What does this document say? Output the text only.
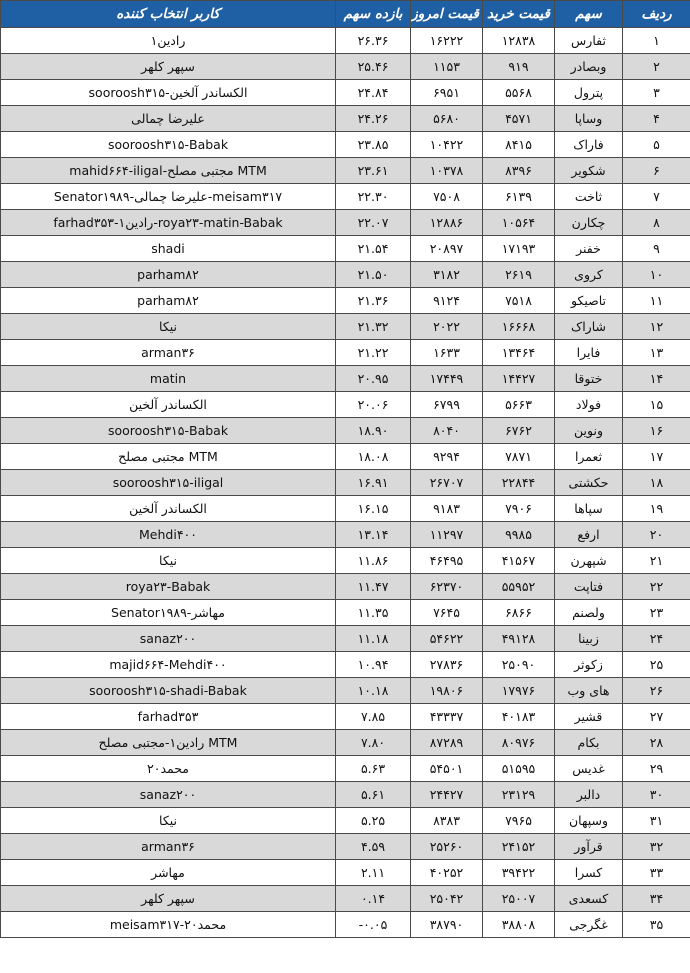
ردیف	سهم	قیمت خرید	قیمت امروز	بازده سهم	کاربر انتخاب کننده
۱	ثفارس	۱۲۸۳۸	۱۶۲۲۲	۲۶.۳۶	رادین۱
۲	وبصادر	۹۱۹	۱۱۵۳	۲۵.۴۶	سپهر کلهر
۳	پترول	۵۵۶۸	۶۹۵۱	۲۴.۸۴	sooroosh۳۱۵-الکساندر آلخین
۴	وساپا	۴۵۷۱	۵۶۸۰	۲۴.۲۶	علیرضا چمالی
۵	فاراک	۸۴۱۵	۱۰۴۲۲	۲۳.۸۵	sooroosh۳۱۵-Babak
۶	شکویر	۸۳۹۶	۱۰۳۷۸	۲۳.۶۱	mahid۶۶۴-iligal-مجتبی مصلح MTM
۷	ثاخت	۶۱۳۹	۷۵۰۸	۲۲.۳۰	Senator۱۹۸۹-علیرضا چمالی-meisam۳۱۷
۸	چکارن	۱۰۵۶۴	۱۲۸۸۶	۲۲.۰۷	farhad۳۵۳-رادین۱-roya۲۳-matin-Babak
۹	خفنر	۱۷۱۹۳	۲۰۸۹۷	۲۱.۵۴	shadi
۱۰	کروی	۲۶۱۹	۳۱۸۲	۲۱.۵۰	parham۸۲
۱۱	تاصیکو	۷۵۱۸	۹۱۲۴	۲۱.۳۶	parham۸۲
۱۲	شاراک	۱۶۶۶۸	۲۰۲۲	۲۱.۳۲	نیکا
۱۳	فایرا	۱۳۴۶۴	۱۶۳۳	۲۱.۲۲	arman۳۶
۱۴	ختوقا	۱۴۴۲۷	۱۷۴۴۹	۲۰.۹۵	matin
۱۵	فولاد	۵۶۶۳	۶۷۹۹	۲۰.۰۶	الکساندر آلخین
۱۶	ونوین	۶۷۶۲	۸۰۴۰	۱۸.۹۰	sooroosh۳۱۵-Babak
۱۷	ثعمرا	۷۸۷۱	۹۲۹۴	۱۸.۰۸	مجتبی مصلح MTM
۱۸	حکشتی	۲۲۸۴۴	۲۶۷۰۷	۱۶.۹۱	sooroosh۳۱۵-iligal
۱۹	سپاها	۷۹۰۶	۹۱۸۳	۱۶.۱۵	الکساندر آلخین
۲۰	ارفع	۹۹۸۵	۱۱۲۹۷	۱۳.۱۴	Mehdi۴۰۰
۲۱	شپهرن	۴۱۵۶۷	۴۶۴۹۵	۱۱.۸۶	نیکا
۲۲	فتاپت	۵۵۹۵۲	۶۲۳۷۰	۱۱.۴۷	roya۲۳-Babak
۲۳	ولصنم	۶۸۶۶	۷۶۴۵	۱۱.۳۵	Senator۱۹۸۹-مهاشر
۲۴	زبینا	۴۹۱۲۸	۵۴۶۲۲	۱۱.۱۸	sanaz۲۰۰
۲۵	زکوثر	۲۵۰۹۰	۲۷۸۳۶	۱۰.۹۴	majid۶۶۴-Mehdi۴۰۰
۲۶	های وب	۱۷۹۷۶	۱۹۸۰۶	۱۰.۱۸	sooroosh۳۱۵-shadi-Babak
۲۷	قشیر	۴۰۱۸۳	۴۳۳۳۷	۷.۸۵	farhad۳۵۳
۲۸	بکام	۸۰۹۷۶	۸۷۲۸۹	۷.۸۰	رادین۱-مجتبی مصلح MTM
۲۹	غدیس	۵۱۵۹۵	۵۴۵۰۱	۵.۶۳	محمد۲۰
۳۰	دالبر	۲۳۱۲۹	۲۴۴۲۷	۵.۶۱	sanaz۲۰۰
۳۱	وسپهان	۷۹۶۵	۸۳۸۳	۵.۲۵	نیکا
۳۲	قرآور	۲۴۱۵۲	۲۵۲۶۰	۴.۵۹	arman۳۶
۳۳	کسرا	۳۹۴۲۲	۴۰۲۵۲	۲.۱۱	مهاشر
۳۴	کسعدی	۲۵۰۰۷	۲۵۰۴۲	۰.۱۴	سپهر کلهر
۳۵	غگرجی	۳۸۸۰۸	۳۸۷۹۰	-۰.۰۵	meisam۳۱۷-محمد۲۰
